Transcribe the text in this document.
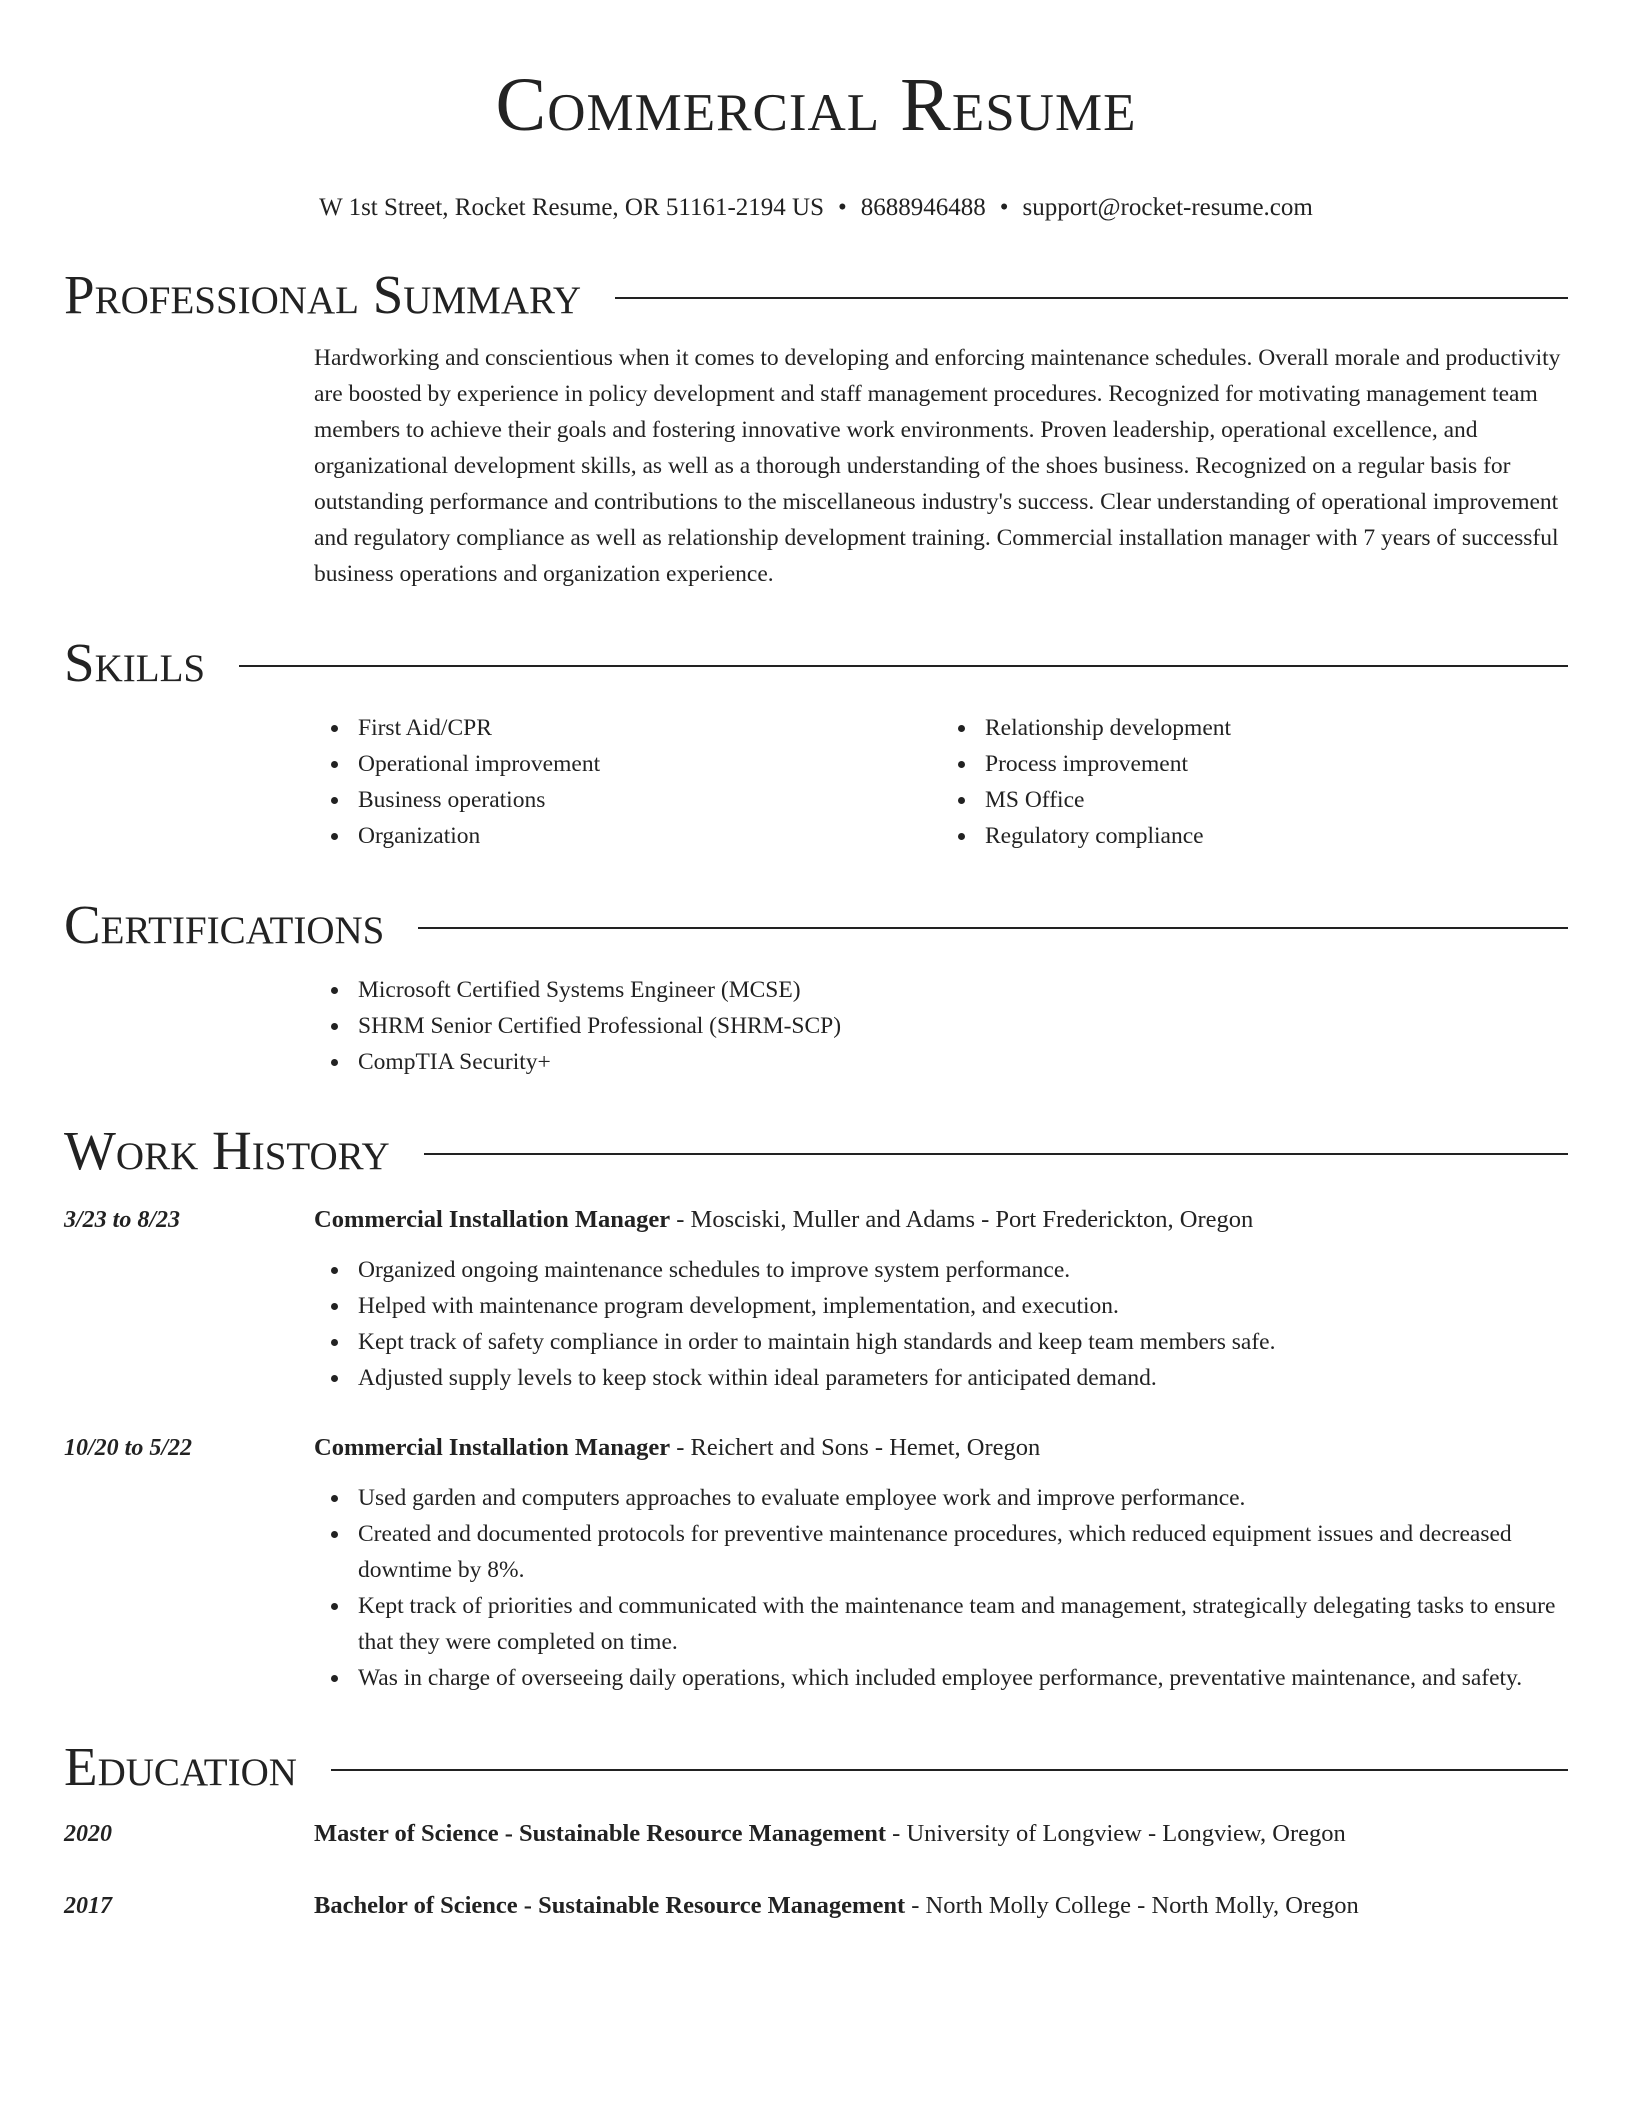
Commercial Resume
W 1st Street, Rocket Resume, OR 51161-2194 US • 8688946488 • support@rocket-resume.com
Professional Summary
Hardworking and conscientious when it comes to developing and enforcing maintenance schedules. Overall morale and productivity are boosted by experience in policy development and staff management procedures. Recognized for motivating management team members to achieve their goals and fostering innovative work environments. Proven leadership, operational excellence, and organizational development skills, as well as a thorough understanding of the shoes business. Recognized on a regular basis for outstanding performance and contributions to the miscellaneous industry's success. Clear understanding of operational improvement and regulatory compliance as well as relationship development training. Commercial installation manager with 7 years of successful business operations and organization experience.
Skills
First Aid/CPR
Operational improvement
Business operations
Organization
Relationship development
Process improvement
MS Office
Regulatory compliance
Certifications
Microsoft Certified Systems Engineer (MCSE)
SHRM Senior Certified Professional (SHRM-SCP)
CompTIA Security+
Work History
3/23 to 8/23	Commercial Installation Manager - Mosciski, Muller and Adams - Port Frederickton, Oregon
Organized ongoing maintenance schedules to improve system performance.
Helped with maintenance program development, implementation, and execution.
Kept track of safety compliance in order to maintain high standards and keep team members safe.
Adjusted supply levels to keep stock within ideal parameters for anticipated demand.
10/20 to 5/22	Commercial Installation Manager - Reichert and Sons - Hemet, Oregon
Used garden and computers approaches to evaluate employee work and improve performance.
Created and documented protocols for preventive maintenance procedures, which reduced equipment issues and decreased downtime by 8%.
Kept track of priorities and communicated with the maintenance team and management, strategically delegating tasks to ensure that they were completed on time.
Was in charge of overseeing daily operations, which included employee performance, preventative maintenance, and safety.
Education
2020	Master of Science - Sustainable Resource Management - University of Longview - Longview, Oregon
2017	Bachelor of Science - Sustainable Resource Management - North Molly College - North Molly, Oregon
